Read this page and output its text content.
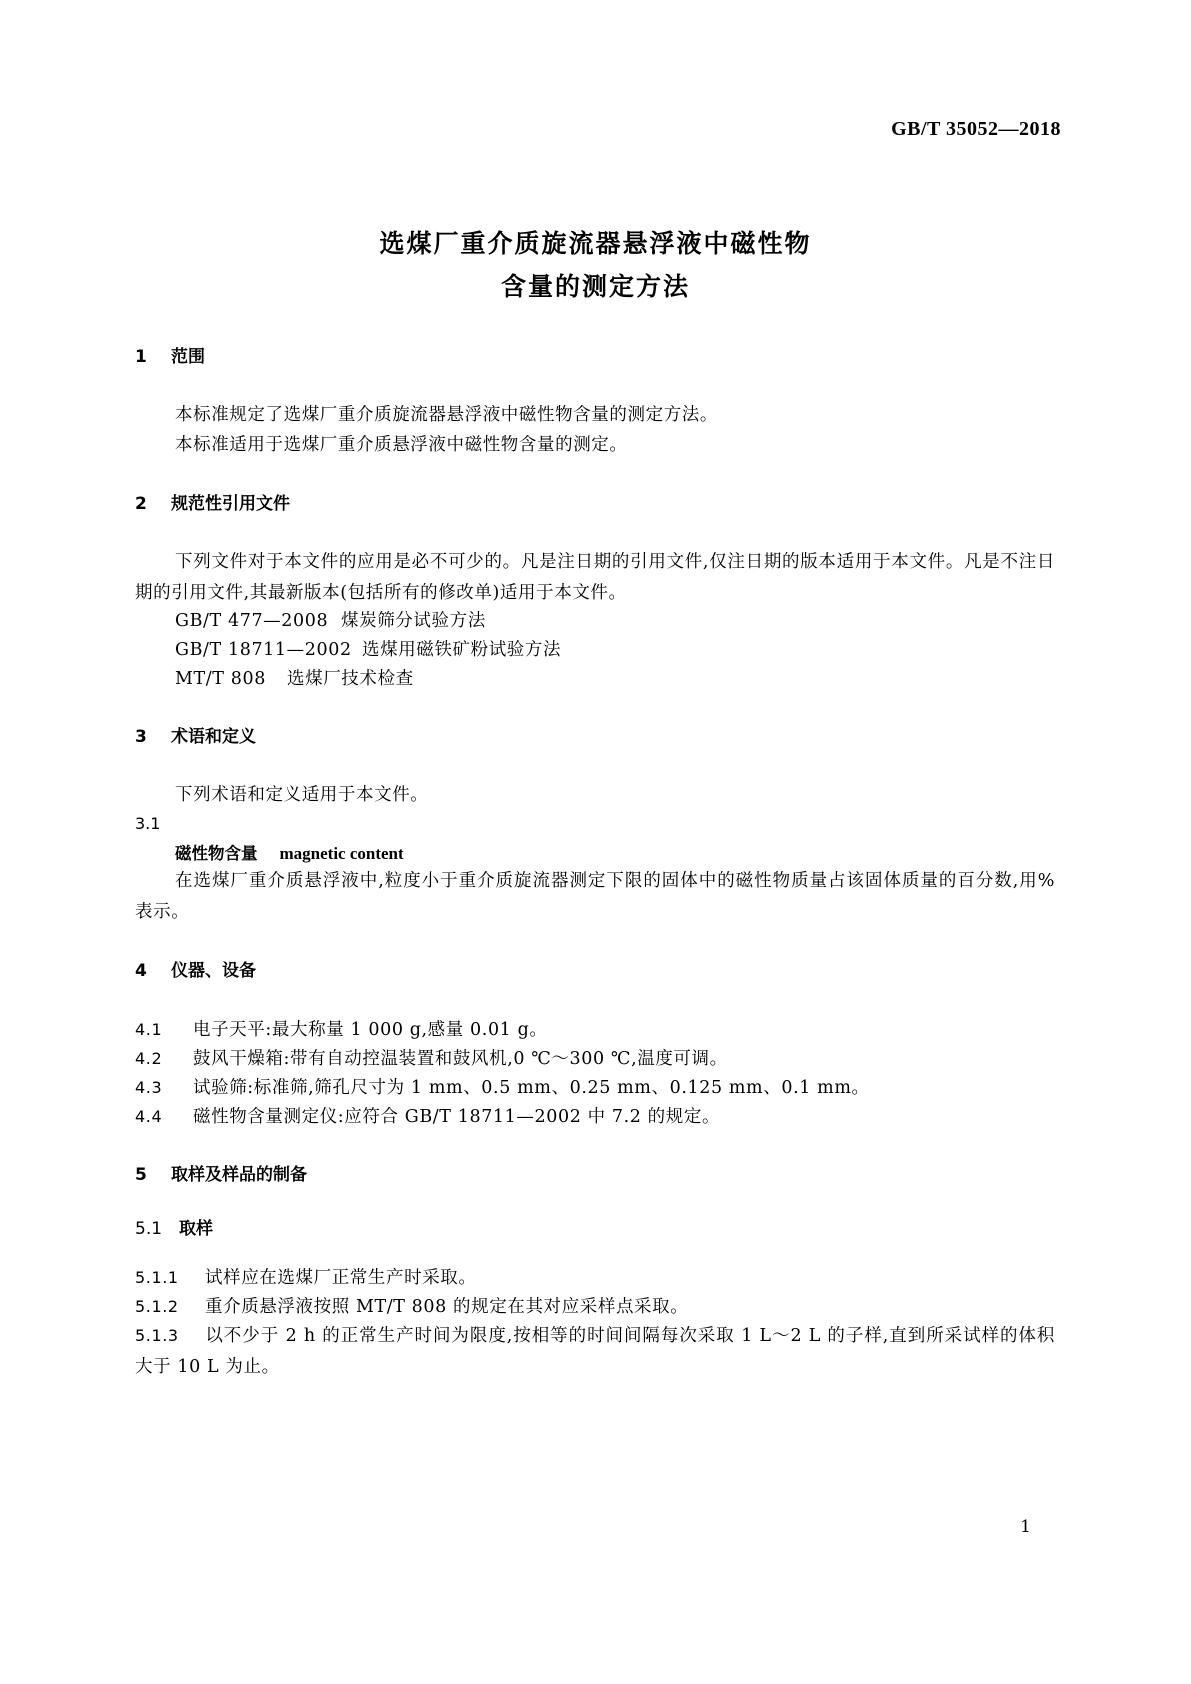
GB/T 35052—2018
选煤厂重介质旋流器悬浮液中磁性物
含量的测定方法
1 范围
本标准规定了选煤厂重介质旋流器悬浮液中磁性物含量的测定方法。
本标准适用于选煤厂重介质悬浮液中磁性物含量的测定。
2 规范性引用文件
下列文件对于本文件的应用是必不可少的。凡是注日期的引用文件,仅注日期的版本适用于本文件。凡是不注日期的引用文件,其最新版本(包括所有的修改单)适用于本文件。
GB/T 477—2008 煤炭筛分试验方法
GB/T 18711—2002 选煤用磁铁矿粉试验方法
MT/T 808 选煤厂技术检查
3 术语和定义
下列术语和定义适用于本文件。
3.1
磁性物含量 magnetic content
在选煤厂重介质悬浮液中,粒度小于重介质旋流器测定下限的固体中的磁性物质量占该固体质量的百分数,用%表示。
4 仪器、设备
4.1 电子天平:最大称量 1 000 g,感量 0.01 g。
4.2 鼓风干燥箱:带有自动控温装置和鼓风机,0 ℃～300 ℃,温度可调。
4.3 试验筛:标准筛,筛孔尺寸为 1 mm、0.5 mm、0.25 mm、0.125 mm、0.1 mm。
4.4 磁性物含量测定仪:应符合 GB/T 18711—2002 中 7.2 的规定。
5 取样及样品的制备
5.1 取样
5.1.1 试样应在选煤厂正常生产时采取。
5.1.2 重介质悬浮液按照 MT/T 808 的规定在其对应采样点采取。
5.1.3 以不少于 2 h 的正常生产时间为限度,按相等的时间间隔每次采取 1 L～2 L 的子样,直到所采试样的体积大于 10 L 为止。
1
